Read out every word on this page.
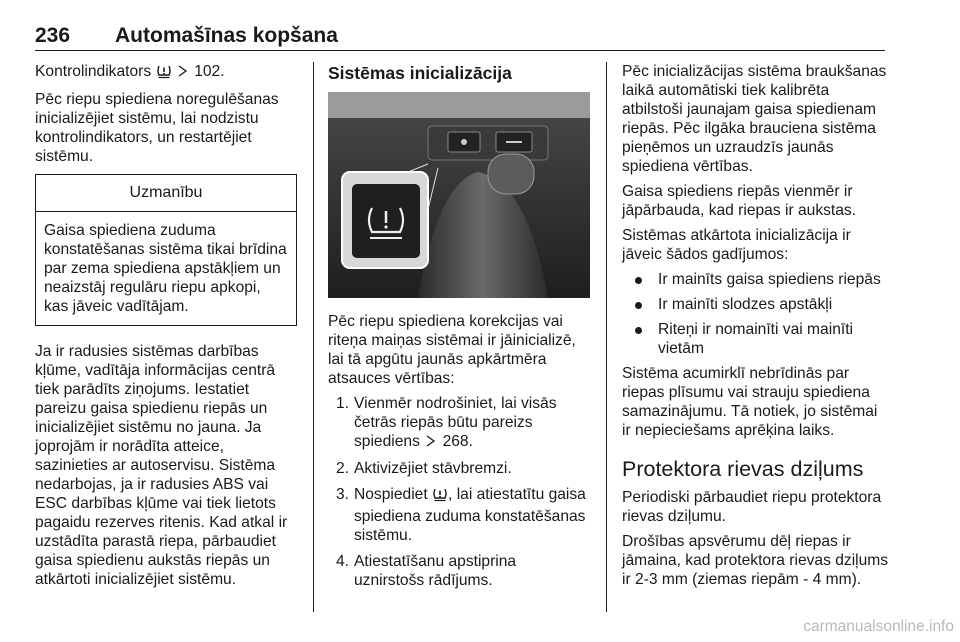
236 Automašīnas kopšana

Kontrolindikators	102.

Pēc riepu spiediena noregulēšanas inicializējiet sistēmu, lai nodzistu kontrolindikators, un restartējiet sistēmu.

Uzmanību
Gaisa spiediena zuduma konstatēšanas sistēma tikai brīdina par zema spiediena apstākļiem un neaizstāj regulāru riepu apkopi, kas jāveic vadītājam.

Ja ir radusies sistēmas darbības kļūme, vadītāja informācijas centrā tiek parādīts ziņojums. Iestatiet pareizu gaisa spiedienu riepās un inicializējiet sistēmu no jauna. Ja joprojām ir norādīta atteice, sazinieties ar autoservisu. Sistēma nedarbojas, ja ir radusies ABS vai ESC darbības kļūme vai tiek lietots pagaidu rezerves ritenis. Kad atkal ir uzstādīta parastā riepa, pārbaudiet gaisa spiedienu aukstās riepās un atkārtoti inicializējiet sistēmu.

Sistēmas inicializācija

Pēc riepu spiediena korekcijas vai riteņa maiņas sistēmai ir jāinicializē, lai tā apgūtu jaunās apkārtmēra atsauces vērtības:

1. Vienmēr nodrošiniet, lai visās četrās riepās būtu pareizs spiediens 268.
2. Aktivizējiet stāvbremzi.
3. Nospiediet , lai atiestatītu gaisa spiediena zuduma konstatēšanas sistēmu.
4. Atiestatīšanu apstiprina uznirstošs rādījums.

Pēc inicializācijas sistēma braukšanas laikā automātiski tiek kalibrēta atbilstoši jaunajam gaisa spiedienam riepās. Pēc ilgāka brauciena sistēma pieņēmos un uzraudzīs jaunās spiediena vērtības.

Gaisa spiediens riepās vienmēr ir jāpārbauda, kad riepas ir aukstas.

Sistēmas atkārtota inicializācija ir jāveic šādos gadījumos:

Ir mainīts gaisa spiediens riepās
Ir mainīti slodzes apstākļi
Riteņi ir nomainīti vai mainīti vietām

Sistēma acumirklī nebrīdinās par riepas plīsumu vai strauju spiediena samazinājumu. Tā notiek, jo sistēmai ir nepieciešams aprēķina laiks.

Protektora rievas dziļums

Periodiski pārbaudiet riepu protektora rievas dziļumu.

Drošības apsvērumu dēļ riepas ir jāmaina, kad protektora rievas dziļums ir 2-3 mm (ziemas riepām - 4 mm).

carmanualsonline.info
